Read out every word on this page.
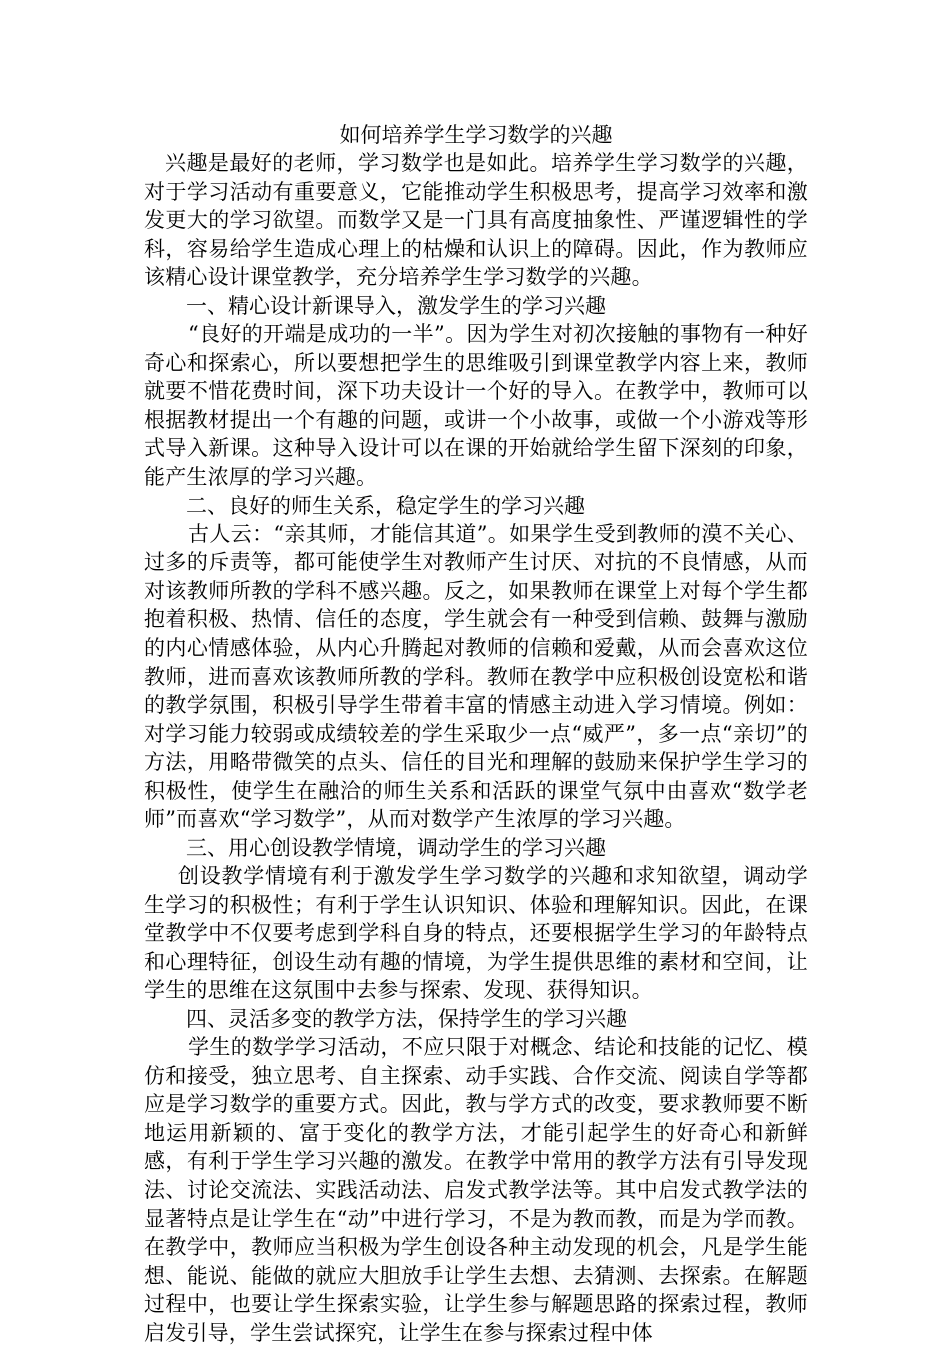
如何培养学生学习数学的兴趣

兴趣是最好的老师，学习数学也是如此。培养学生学习数学的兴趣，对于学习活动有重要意义，它能推动学生积极思考，提高学习效率和激发更大的学习欲望。而数学又是一门具有高度抽象性、严谨逻辑性的学科，容易给学生造成心理上的枯燥和认识上的障碍。因此，作为教师应该精心设计课堂教学，充分培养学生学习数学的兴趣。

一、精心设计新课导入，激发学生的学习兴趣

“良好的开端是成功的一半”。因为学生对初次接触的事物有一种好奇心和探索心，所以要想把学生的思维吸引到课堂教学内容上来，教师就要不惜花费时间，深下功夫设计一个好的导入。在教学中，教师可以根据教材提出一个有趣的问题，或讲一个小故事，或做一个小游戏等形式导入新课。这种导入设计可以在课的开始就给学生留下深刻的印象，能产生浓厚的学习兴趣。

二、良好的师生关系，稳定学生的学习兴趣

古人云：“亲其师，才能信其道”。如果学生受到教师的漠不关心、过多的斥责等，都可能使学生对教师产生讨厌、对抗的不良情感，从而对该教师所教的学科不感兴趣。反之，如果教师在课堂上对每个学生都抱着积极、热情、信任的态度，学生就会有一种受到信赖、鼓舞与激励的内心情感体验，从内心升腾起对教师的信赖和爱戴，从而会喜欢这位教师，进而喜欢该教师所教的学科。教师在教学中应积极创设宽松和谐的教学氛围，积极引导学生带着丰富的情感主动进入学习情境。例如：对学习能力较弱或成绩较差的学生采取少一点“威严”，多一点“亲切”的方法，用略带微笑的点头、信任的目光和理解的鼓励来保护学生学习的积极性，使学生在融洽的师生关系和活跃的课堂气氛中由喜欢“数学老师”而喜欢“学习数学”，从而对数学产生浓厚的学习兴趣。

三、用心创设教学情境，调动学生的学习兴趣

创设教学情境有利于激发学生学习数学的兴趣和求知欲望，调动学生学习的积极性；有利于学生认识知识、体验和理解知识。因此，在课堂教学中不仅要考虑到学科自身的特点，还要根据学生学习的年龄特点和心理特征，创设生动有趣的情境，为学生提供思维的素材和空间，让学生的思维在这氛围中去参与探索、发现、获得知识。

四、灵活多变的教学方法，保持学生的学习兴趣

学生的数学学习活动，不应只限于对概念、结论和技能的记忆、模仿和接受，独立思考、自主探索、动手实践、合作交流、阅读自学等都应是学习数学的重要方式。因此，教与学方式的改变，要求教师要不断地运用新颖的、富于变化的教学方法，才能引起学生的好奇心和新鲜感，有利于学生学习兴趣的激发。在教学中常用的教学方法有引导发现法、讨论交流法、实践活动法、启发式教学法等。其中启发式教学法的显著特点是让学生在“动”中进行学习，不是为教而教，而是为学而教。在教学中，教师应当积极为学生创设各种主动发现的机会，凡是学生能想、能说、能做的就应大胆放手让学生去想、去猜测、去探索。在解题过程中，也要让学生探索实验，让学生参与解题思路的探索过程，教师启发引导，学生尝试探究，让学生在参与探索过程中体
